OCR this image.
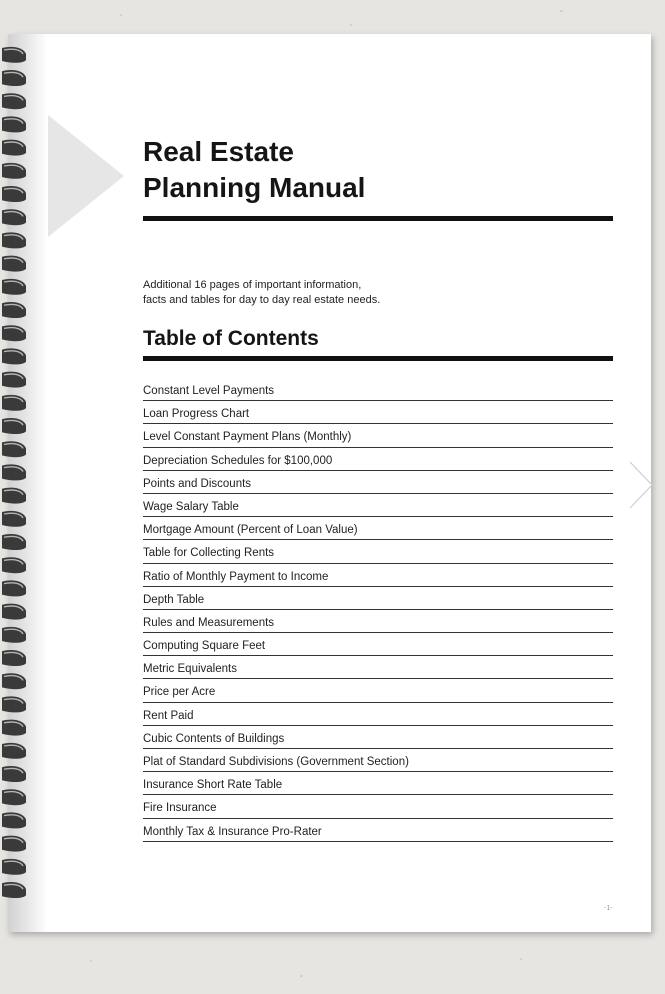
Real Estate
Planning Manual
Additional 16 pages of important information,
facts and tables for day to day real estate needs.
Table of Contents
Constant Level Payments
Loan Progress Chart
Level Constant Payment Plans (Monthly)
Depreciation Schedules for $100,000
Points and Discounts
Wage Salary Table
Mortgage Amount (Percent of Loan Value)
Table for Collecting Rents
Ratio of Monthly Payment to Income
Depth Table
Rules and Measurements
Computing Square Feet
Metric Equivalents
Price per Acre
Rent Paid
Cubic Contents of Buildings
Plat of Standard Subdivisions (Government Section)
Insurance Short Rate Table
Fire Insurance
Monthly Tax & Insurance Pro-Rater
-1-
